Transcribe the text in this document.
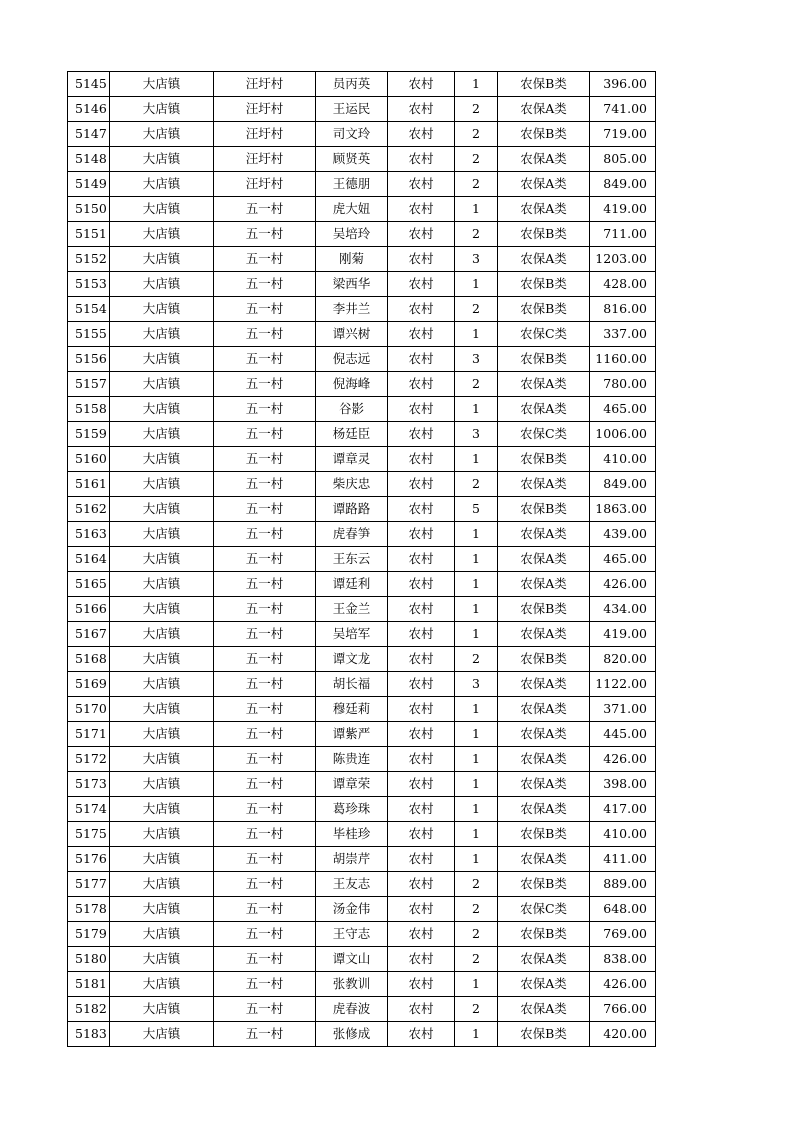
5145	大店镇	汪圩村	员丙英	农村	1	农保B类	396.00
5146	大店镇	汪圩村	王运民	农村	2	农保A类	741.00
5147	大店镇	汪圩村	司文玲	农村	2	农保B类	719.00
5148	大店镇	汪圩村	顾贤英	农村	2	农保A类	805.00
5149	大店镇	汪圩村	王德朋	农村	2	农保A类	849.00
5150	大店镇	五一村	虎大妞	农村	1	农保A类	419.00
5151	大店镇	五一村	吴培玲	农村	2	农保B类	711.00
5152	大店镇	五一村	刚菊	农村	3	农保A类	1203.00
5153	大店镇	五一村	梁西华	农村	1	农保B类	428.00
5154	大店镇	五一村	李井兰	农村	2	农保B类	816.00
5155	大店镇	五一村	谭兴树	农村	1	农保C类	337.00
5156	大店镇	五一村	倪志远	农村	3	农保B类	1160.00
5157	大店镇	五一村	倪海峰	农村	2	农保A类	780.00
5158	大店镇	五一村	谷影	农村	1	农保A类	465.00
5159	大店镇	五一村	杨廷臣	农村	3	农保C类	1006.00
5160	大店镇	五一村	谭章灵	农村	1	农保B类	410.00
5161	大店镇	五一村	柴庆忠	农村	2	农保A类	849.00
5162	大店镇	五一村	谭路路	农村	5	农保B类	1863.00
5163	大店镇	五一村	虎春笋	农村	1	农保A类	439.00
5164	大店镇	五一村	王东云	农村	1	农保A类	465.00
5165	大店镇	五一村	谭廷利	农村	1	农保A类	426.00
5166	大店镇	五一村	王金兰	农村	1	农保B类	434.00
5167	大店镇	五一村	吴培军	农村	1	农保A类	419.00
5168	大店镇	五一村	谭文龙	农村	2	农保B类	820.00
5169	大店镇	五一村	胡长福	农村	3	农保A类	1122.00
5170	大店镇	五一村	穆廷莉	农村	1	农保A类	371.00
5171	大店镇	五一村	谭紫严	农村	1	农保A类	445.00
5172	大店镇	五一村	陈贵连	农村	1	农保A类	426.00
5173	大店镇	五一村	谭章荣	农村	1	农保A类	398.00
5174	大店镇	五一村	葛珍珠	农村	1	农保A类	417.00
5175	大店镇	五一村	毕桂珍	农村	1	农保B类	410.00
5176	大店镇	五一村	胡崇芹	农村	1	农保A类	411.00
5177	大店镇	五一村	王友志	农村	2	农保B类	889.00
5178	大店镇	五一村	汤金伟	农村	2	农保C类	648.00
5179	大店镇	五一村	王守志	农村	2	农保B类	769.00
5180	大店镇	五一村	谭文山	农村	2	农保A类	838.00
5181	大店镇	五一村	张教训	农村	1	农保A类	426.00
5182	大店镇	五一村	虎春波	农村	2	农保A类	766.00
5183	大店镇	五一村	张修成	农村	1	农保B类	420.00
